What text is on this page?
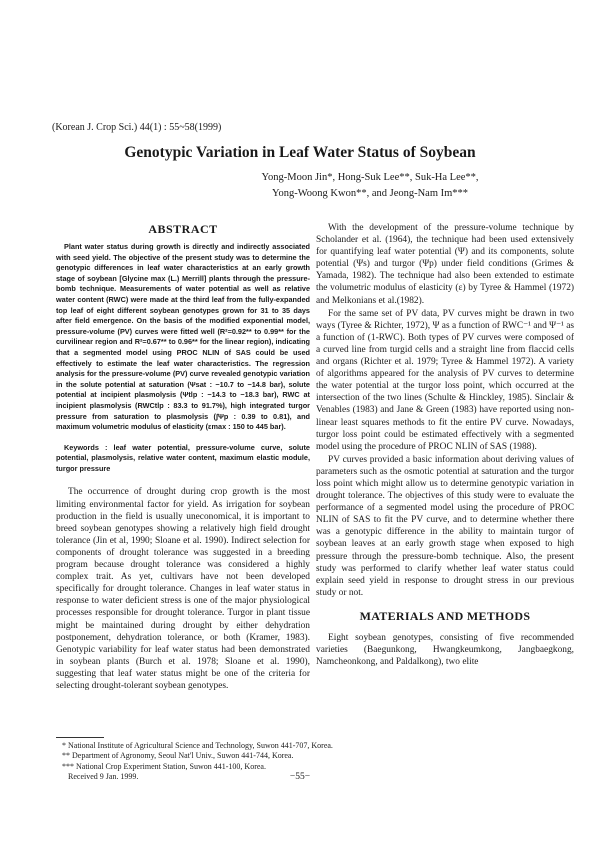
(Korean J. Crop Sci.) 44(1) : 55~58(1999)
Genotypic Variation in Leaf Water Status of Soybean
Yong-Moon Jin*, Hong-Suk Lee**, Suk-Ha Lee**,
Yong-Woong Kwon**, and Jeong-Nam Im***
ABSTRACT

Plant water status during growth is directly and indirectly associated with seed yield. The objective of the present study was to determine the genotypic differences in leaf water characteristics at an early growth stage of soybean [Glycine max (L.) Merrill] plants through the pressure-bomb technique. Measurements of water potential as well as relative water content (RWC) were made at the third leaf from the fully-expanded top leaf of eight different soybean genotypes grown for 31 to 35 days after field emergence. On the basis of the modified exponential model, pressure-volume (PV) curves were fitted well (R²=0.92** to 0.99** for the curvilinear region and R²=0.67** to 0.96** for the linear region), indicating that a segmented model using PROC NLIN of SAS could be used effectively to estimate the leaf water characteristics. The regression analysis for the pressure-volume (PV) curve revealed genotypic variation in the solute potential at saturation (Ψsat : −10.7 to −14.8 bar), solute potential at incipient plasmolysis (Ψtlp : −14.3 to −18.3 bar), RWC at incipient plasmolysis (RWCtlp : 83.3 to 91.7%), high integrated turgor pressure from saturation to plasmolysis (∫Ψp : 0.39 to 0.81), and maximum volumetric modulus of elasticity (εmax : 150 to 445 bar).

Keywords : leaf water potential, pressure-volume curve, solute potential, plasmolysis, relative water content, maximum elastic module, turgor pressure

The occurrence of drought during crop growth is the most limiting environmental factor for yield. As irrigation for soybean production in the field is usually uneconomical, it is important to breed soybean genotypes showing a relatively high field drought tolerance (Jin et al, 1990; Sloane et al. 1990). Indirect selection for components of drought tolerance was suggested in a breeding program because drought tolerance was considered a highly complex trait. As yet, cultivars have not been developed specifically for drought tolerance. Changes in leaf water status in response to water deficient stress is one of the major physiological processes responsible for drought tolerance. Turgor in plant tissue might be maintained during drought by either dehydration postponement, dehydration tolerance, or both (Kramer, 1983). Genotypic variability for leaf water status had been demonstrated in soybean plants (Burch et al. 1978; Sloane et al. 1990), suggesting that leaf water status might be one of the criteria for selecting drought-tolerant soybean genotypes.

With the development of the pressure-volume technique by Scholander et al. (1964), the technique had been used extensively for quantifying leaf water potential (Ψ) and its components, solute potential (Ψs) and turgor (Ψp) under field conditions (Grimes & Yamada, 1982). The technique had also been extended to estimate the volumetric modulus of elasticity (ε) by Tyree & Hammel (1972) and Melkonians et al.(1982).

For the same set of PV data, PV curves might be drawn in two ways (Tyree & Richter, 1972), Ψ as a function of RWC⁻¹ and Ψ⁻¹ as a function of (1-RWC). Both types of PV curves were composed of a curved line from turgid cells and a straight line from flaccid cells and organs (Richter et al. 1979; Tyree & Hammel 1972). A variety of algorithms appeared for the analysis of PV curves to determine the water potential at the turgor loss point, which occurred at the intersection of the two lines (Schulte & Hinckley, 1985). Sinclair & Venables (1983) and Jane & Green (1983) have reported using non-linear least squares methods to fit the entire PV curve. Nowadays, turgor loss point could be estimated effectively with a segmented model using the procedure of PROC NLIN of SAS (1988).

PV curves provided a basic information about deriving values of parameters such as the osmotic potential at saturation and the turgor loss point which might allow us to determine genotypic variation in drought tolerance. The objectives of this study were to evaluate the performance of a segmented model using the procedure of PROC NLIN of SAS to fit the PV curve, and to determine whether there was a genotypic difference in the ability to maintain turgor of soybean leaves at an early growth stage when exposed to high pressure through the pressure-bomb technique. Also, the present study was performed to clarify whether leaf water status could explain seed yield in response to drought stress in our previous study or not.

MATERIALS AND METHODS

Eight soybean genotypes, consisting of five recommended varieties (Baegunkong, Hwangkeumkong, Jangbaegkong, Namcheonkong, and Paldalkong), two elite

* National Institute of Agricultural Science and Technology, Suwon 441-707, Korea.
** Department of Agronomy, Seoul Nat'l Univ., Suwon 441-744, Korea.
*** National Crop Experiment Station, Suwon 441-100, Korea.
Received 9 Jan. 1999.	−55−
